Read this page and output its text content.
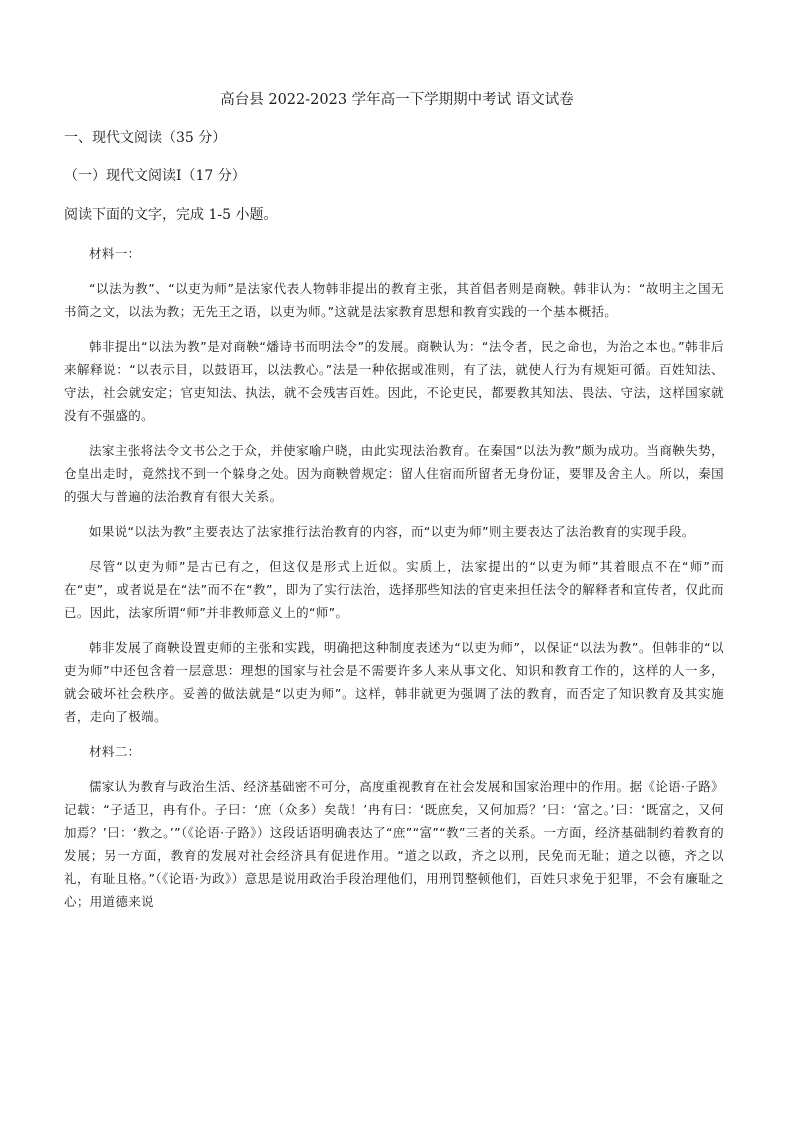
高台县 2022-2023 学年高一下学期期中考试 语文试卷
一、现代文阅读（35 分）
（一）现代文阅读Ⅰ（17 分）
阅读下面的文字，完成 1-5 小题。

材料一：

“以法为教”、“以吏为师”是法家代表人物韩非提出的教育主张，其首倡者则是商鞅。韩非认为：“故明主之国无书简之文，以法为教；无先王之语，以吏为师。”这就是法家教育思想和教育实践的一个基本概括。

韩非提出“以法为教”是对商鞅“燔诗书而明法令”的发展。商鞅认为：“法令者，民之命也，为治之本也。”韩非后来解释说：“以表示目，以鼓语耳，以法教心。”法是一种依据或准则，有了法，就使人行为有规矩可循。百姓知法、守法，社会就安定；官吏知法、执法，就不会残害百姓。因此，不论吏民，都要教其知法、畏法、守法，这样国家就没有不强盛的。

法家主张将法令文书公之于众，并使家喻户晓，由此实现法治教育。在秦国“以法为教”颇为成功。当商鞅失势，仓皇出走时，竟然找不到一个躲身之处。因为商鞅曾规定：留人住宿而所留者无身份证，要罪及舍主人。所以，秦国的强大与普遍的法治教育有很大关系。

如果说“以法为教”主要表达了法家推行法治教育的内容，而“以吏为师”则主要表达了法治教育的实现手段。

尽管“以吏为师”是古已有之，但这仅是形式上近似。实质上，法家提出的“以吏为师”其着眼点不在“师”而在“吏”，或者说是在“法”而不在“教”，即为了实行法治，选择那些知法的官吏来担任法令的解释者和宣传者，仅此而已。因此，法家所谓“师”并非教师意义上的“师”。

韩非发展了商鞅设置吏师的主张和实践，明确把这种制度表述为“以吏为师”，以保证“以法为教”。但韩非的“以吏为师”中还包含着一层意思：理想的国家与社会是不需要许多人来从事文化、知识和教育工作的，这样的人一多，就会破坏社会秩序。妥善的做法就是“以吏为师”。这样，韩非就更为强调了法的教育，而否定了知识教育及其实施者，走向了极端。

材料二：

儒家认为教育与政治生活、经济基础密不可分，高度重视教育在社会发展和国家治理中的作用。据《论语·子路》记载：“子适卫，冉有仆。子曰：‘庶（众多）矣哉！’冉有曰：‘既庶矣，又何加焉？’曰：‘富之。’曰：‘既富之，又何加焉？’曰：‘教之。’”（《论语·子路》）这段话语明确表达了“庶”“富”“教”三者的关系。一方面，经济基础制约着教育的发展；另一方面，教育的发展对社会经济具有促进作用。“道之以政，齐之以刑，民免而无耻；道之以德，齐之以礼，有耻且格。”（《论语·为政》）意思是说用政治手段治理他们，用刑罚整顿他们，百姓只求免于犯罪，不会有廉耻之心；用道德来说
